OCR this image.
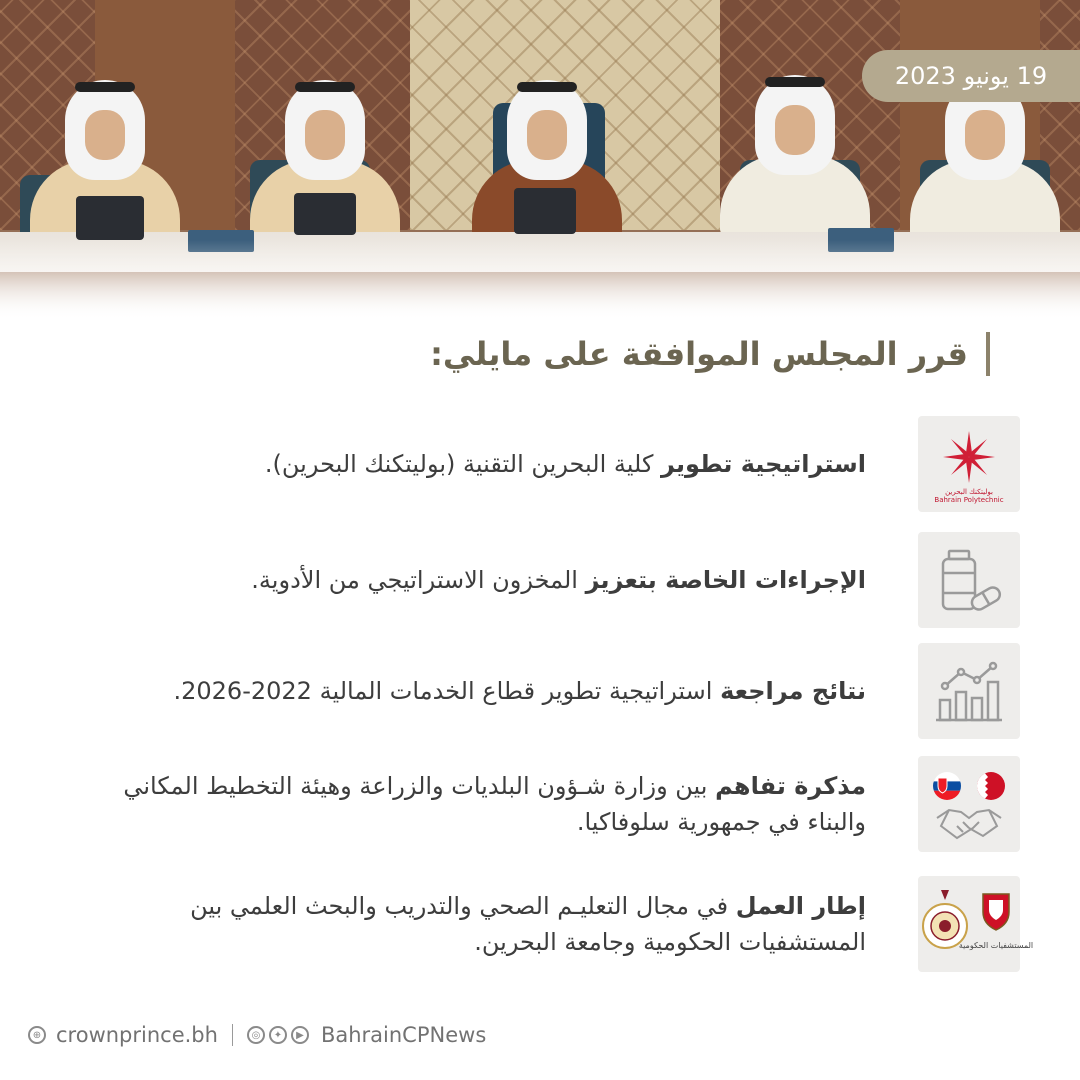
19 يونيو 2023
قرر المجلس الموافقة على مايلي:
بوليتكنك البحرين
Bahrain Polytechnic
استراتيجية تطوير كلية البحرين التقنية (بوليتكنك البحرين).
الإجراءات الخاصة بتعزيز المخزون الاستراتيجي من الأدوية.
نتائج مراجعة استراتيجية تطوير قطاع الخدمات المالية 2022-2026.
مذكرة تفاهم بين وزارة شـؤون البلديات والزراعة وهيئة التخطيط المكاني والبناء في جمهورية سلوفاكيا.
المستشفيات الحكومية
إطار العمل في مجال التعليـم الصحي والتدريب والبحث العلمي بين المستشفيات الحكومية وجامعة البحرين.
⊕ crownprince.bh	◎	✦	▶ BahrainCPNews
